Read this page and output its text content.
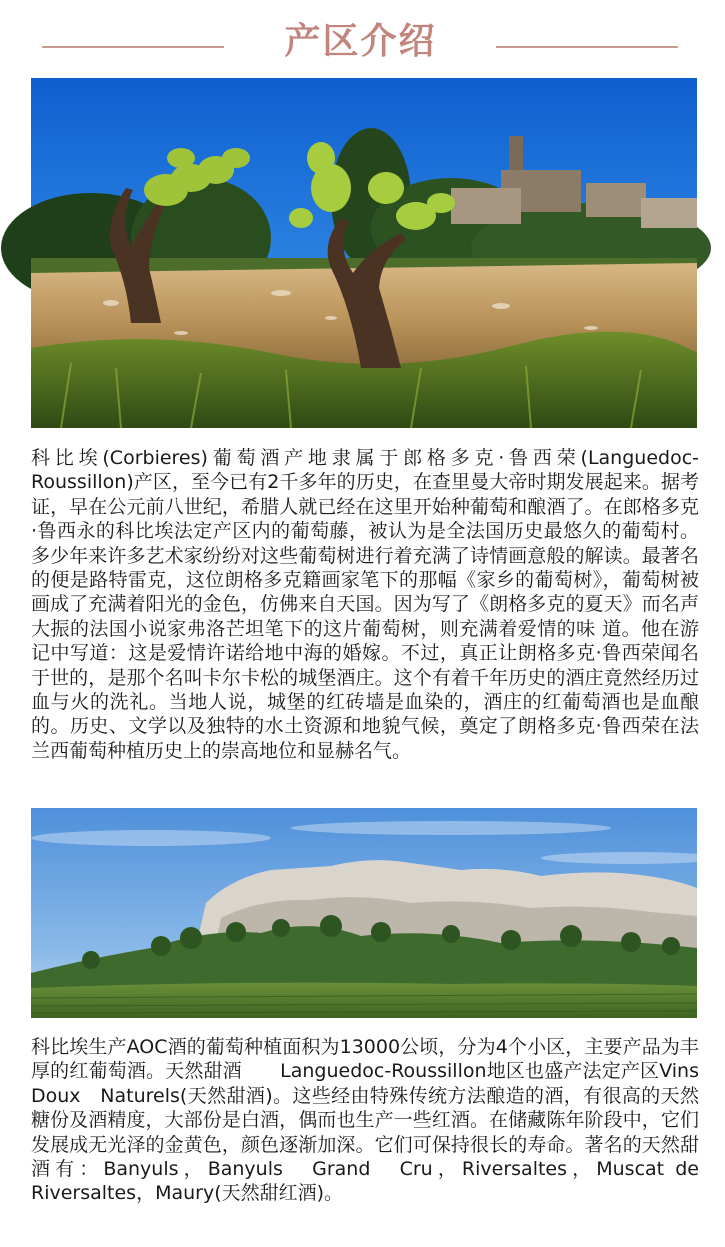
产区介绍

科比埃(Corbieres)葡萄酒产地隶属于郎格多克·鲁西荣(Languedoc-Roussillon)产区，至今已有2千多年的历史，在查里曼大帝时期发展起来。据考证，早在公元前八世纪，希腊人就已经在这里开始种葡萄和酿酒了。在郎格多克·鲁西永的科比埃法定产区内的葡萄藤，被认为是全法国历史最悠久的葡萄村。多少年来许多艺术家纷纷对这些葡萄树进行着充满了诗情画意般的解读。最著名的便是路特雷克，这位朗格多克籍画家笔下的那幅《家乡的葡萄树》，葡萄树被画成了充满着阳光的金色，仿佛来自天国。因为写了《朗格多克的夏天》而名声大振的法国小说家弗洛芒坦笔下的这片葡萄树，则充满着爱情的味 道。他在游记中写道：这是爱情许诺给地中海的婚嫁。不过，真正让朗格多克·鲁西荣闻名于世的，是那个名叫卡尔卡松的城堡酒庄。这个有着千年历史的酒庄竟然经历过血与火的洗礼。当地人说，城堡的红砖墙是血染的，酒庄的红葡萄酒也是血酿的。历史、文学以及独特的水土资源和地貌气候，奠定了朗格多克·鲁西荣在法兰西葡萄种植历史上的崇高地位和显赫名气。

科比埃生产AOC酒的葡萄种植面积为13000公顷，分为4个小区，主要产品为丰厚的红葡萄酒。天然甜酒　　Languedoc-Roussillon地区也盛产法定产区Vins　Doux　Naturels(天然甜酒)。这些经由特殊传统方法酿造的酒，有很高的天然糖份及酒精度，大部份是白酒，偶而也生产一些红酒。在储藏陈年阶段中，它们发展成无光泽的金黄色，颜色逐渐加深。它们可保持很长的寿命。著名的天然甜酒有：Banyuls，Banyuls　Grand　Cru，Riversaltes，Muscat de Riversaltes，Maury(天然甜红酒)。
